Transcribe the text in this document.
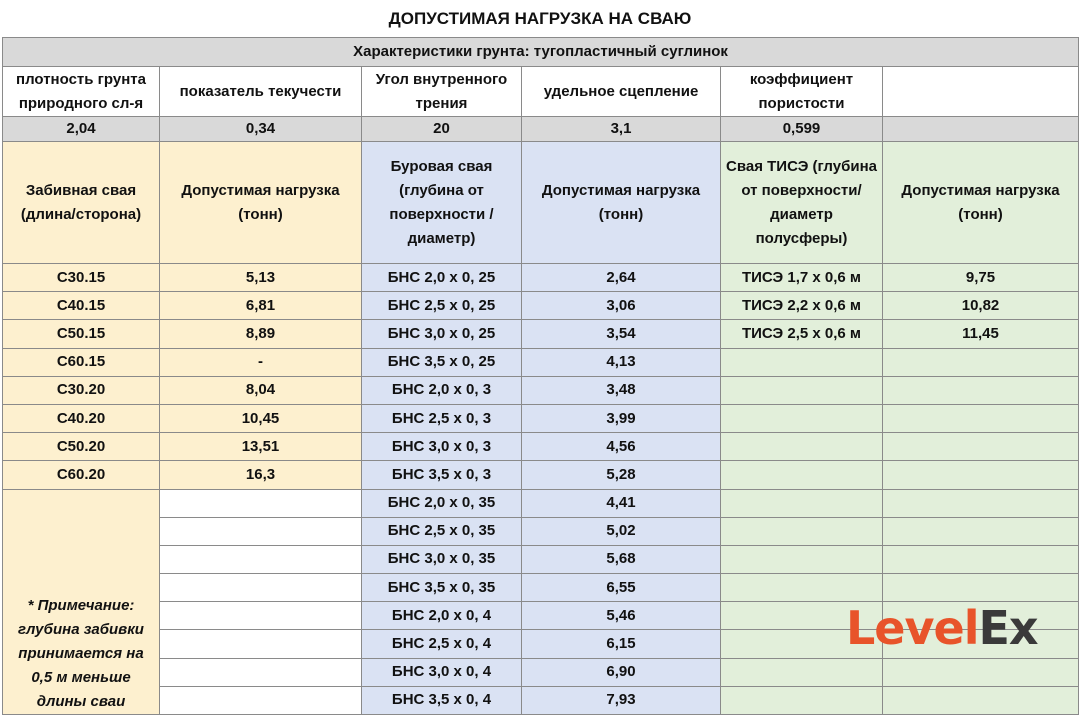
ДОПУСТИМАЯ НАГРУЗКА НА СВАЮ
Характеристики грунта: тугопластичный суглинок					
плотность грунта природного сл-я	показатель текучести	Угол внутренного трения	удельное сцепление	коэффициент пористости	
2,04	0,34	20	3,1	0,599	
Забивная свая (длина/сторона)	Допустимая нагрузка (тонн)	Буровая свая (глубина от поверхности /диаметр)	Допустимая нагрузка (тонн)	Свая ТИСЭ (глубина от поверхности/ диаметр полусферы)	Допустимая нагрузка (тонн)
С30.15	5,13	БНС 2,0 х 0, 25	2,64	ТИСЭ 1,7 х 0,6 м	9,75
С40.15	6,81	БНС 2,5 х 0, 25	3,06	ТИСЭ 2,2 х 0,6 м	10,82
С50.15	8,89	БНС 3,0 х 0, 25	3,54	ТИСЭ 2,5 х 0,6 м	11,45
С60.15	-	БНС 3,5 х 0, 25	4,13		
С30.20	8,04	БНС 2,0 х 0, 3	3,48		
С40.20	10,45	БНС 2,5 х 0, 3	3,99		
С50.20	13,51	БНС 3,0 х 0, 3	4,56		
С60.20	16,3	БНС 3,5 х 0, 3	5,28		

* Примечание: глубина забивки принимается на 0,5 м меньше длины сваи		БНС 2,0 х 0, 35	4,41		
		БНС 2,5 х 0, 35	5,02		
		БНС 3,0 х 0, 35	5,68		
		БНС 3,5 х 0, 35	6,55		
		БНС 2,0 х 0, 4	5,46		
		БНС 2,5 х 0, 4	6,15		
		БНС 3,0 х 0, 4	6,90		
		БНС 3,5 х 0, 4	7,93		
LevelEx
